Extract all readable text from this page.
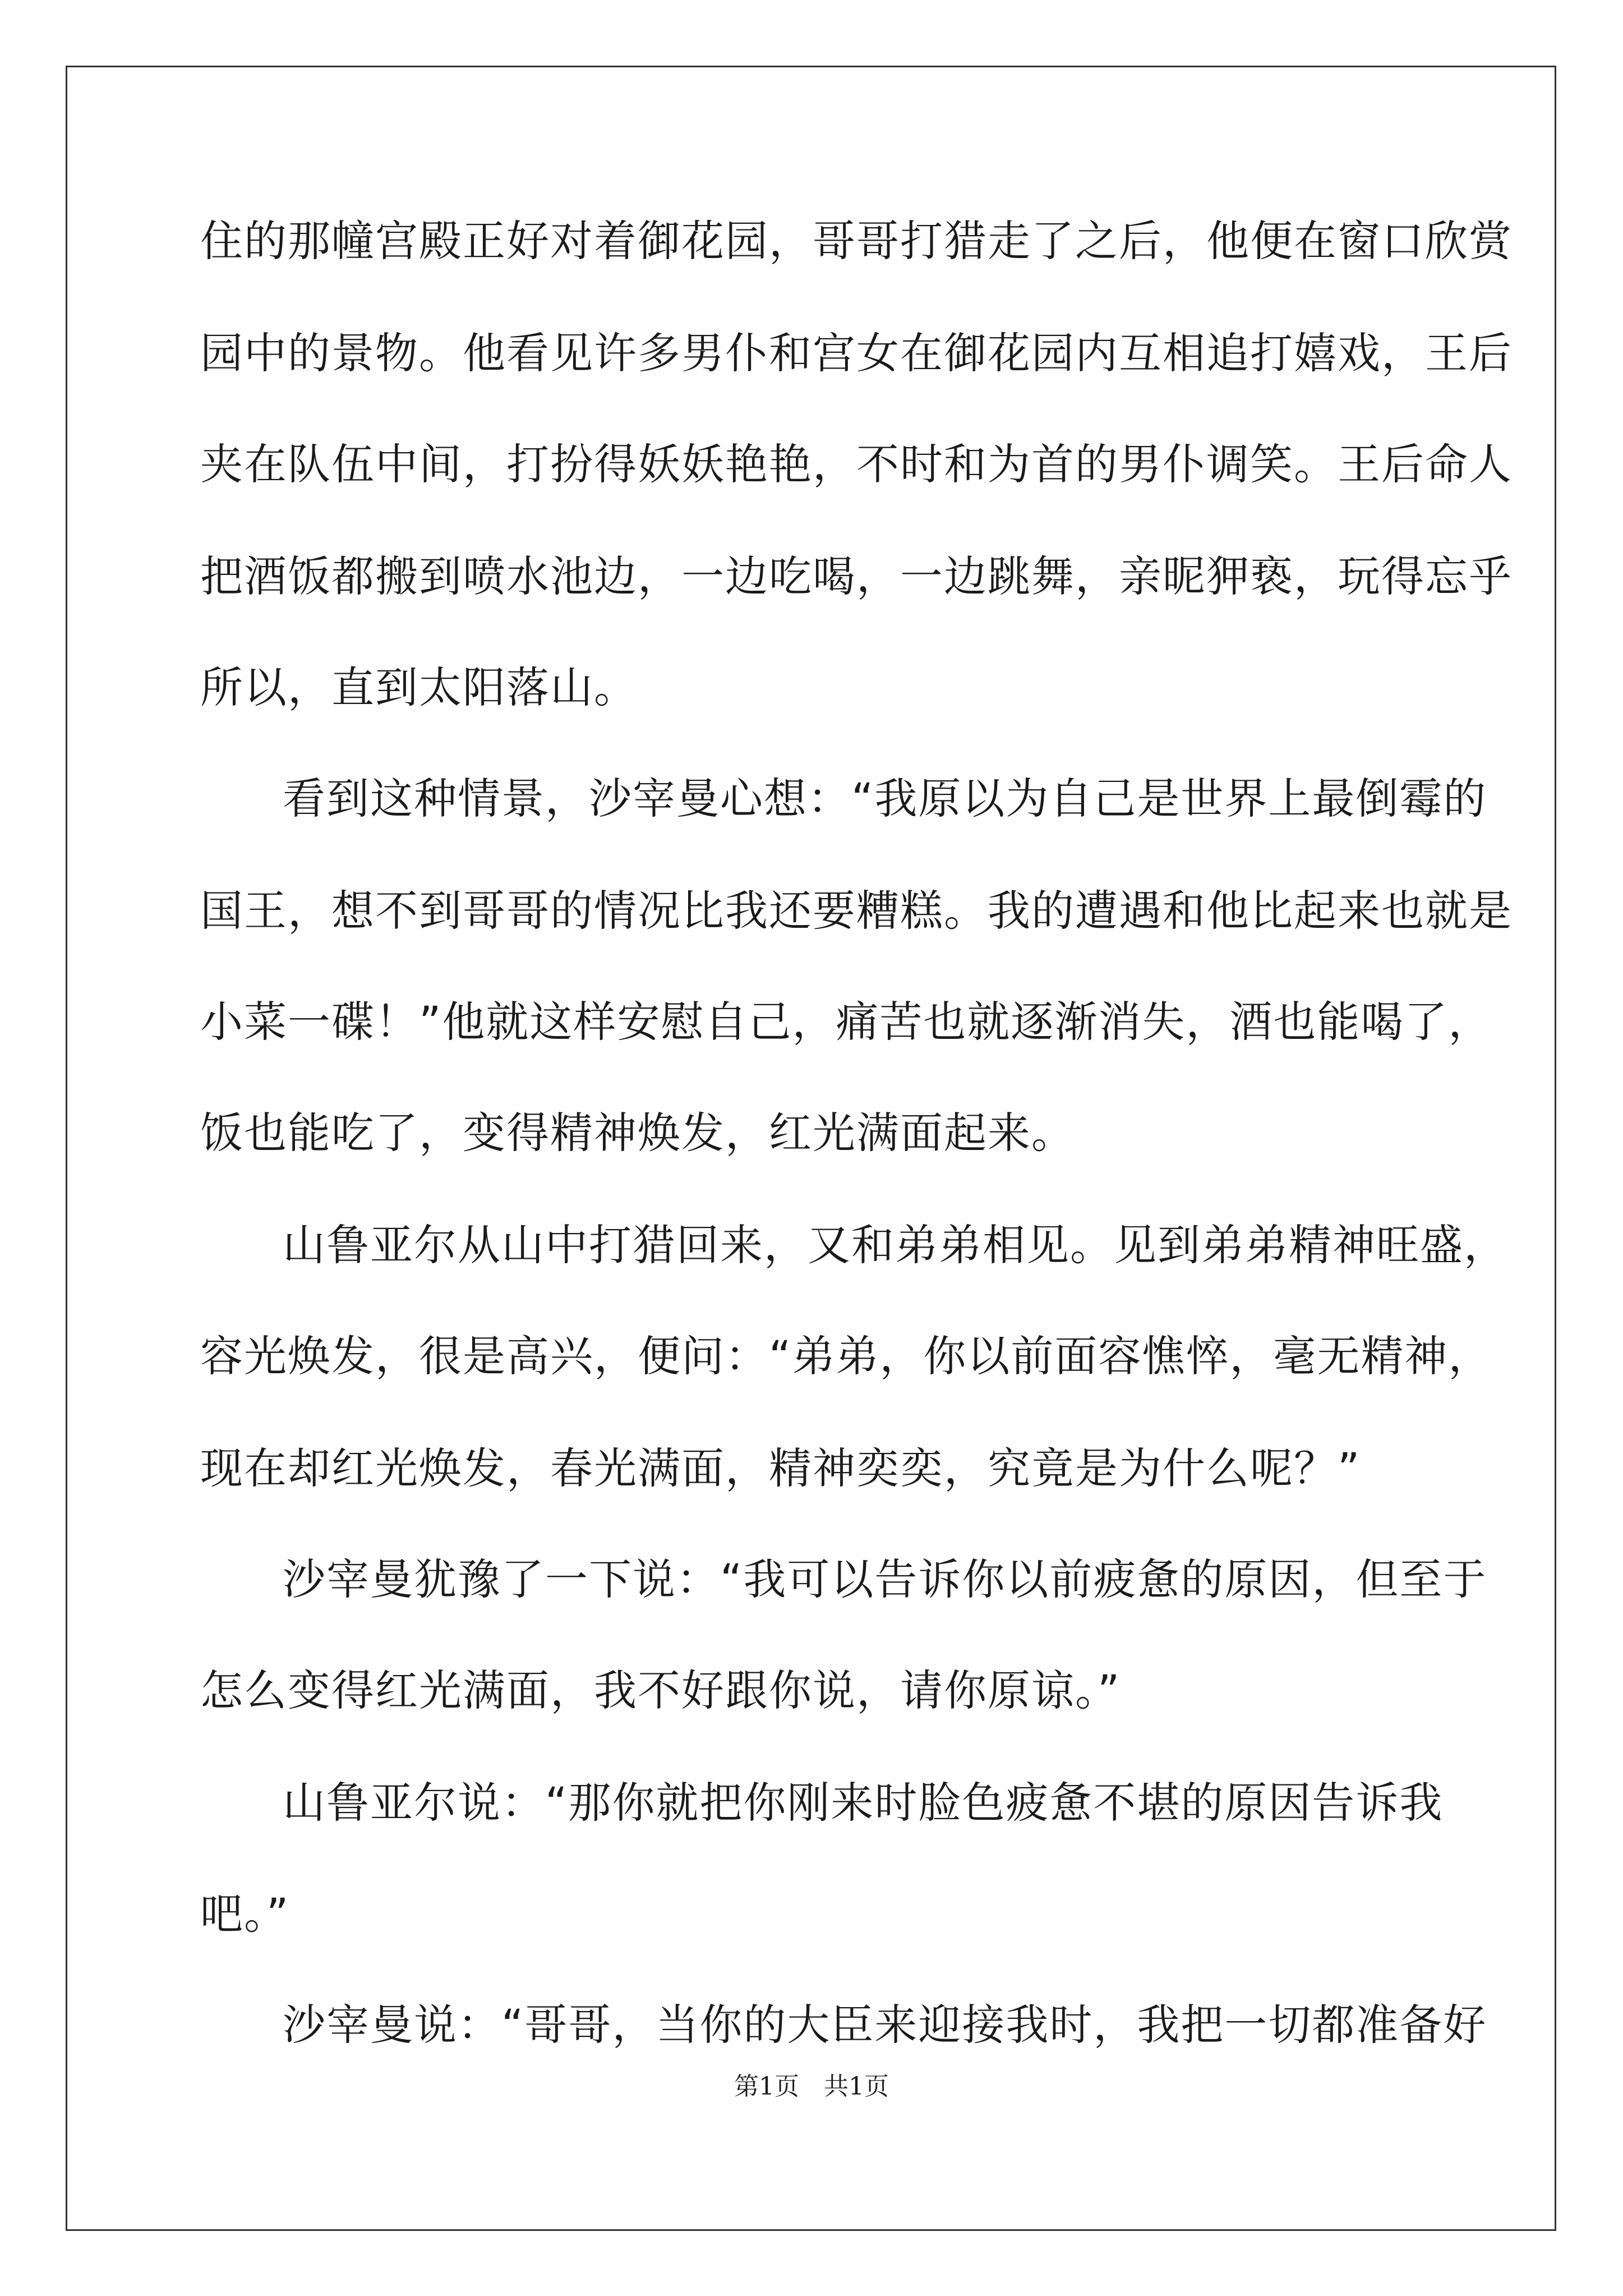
住的那幢宫殿正好对着御花园，哥哥打猎走了之后，他便在窗口欣赏
园中的景物。他看见许多男仆和宫女在御花园内互相追打嬉戏，王后
夹在队伍中间，打扮得妖妖艳艳，不时和为首的男仆调笑。王后命人
把酒饭都搬到喷水池边，一边吃喝，一边跳舞，亲昵狎亵，玩得忘乎
所以，直到太阳落山。
看到这种情景，沙宰曼心想：“我原以为自己是世界上最倒霉的
国王，想不到哥哥的情况比我还要糟糕。我的遭遇和他比起来也就是
小菜一碟！”他就这样安慰自己，痛苦也就逐渐消失，酒也能喝了，
饭也能吃了，变得精神焕发，红光满面起来。
山鲁亚尔从山中打猎回来，又和弟弟相见。见到弟弟精神旺盛，
容光焕发，很是高兴，便问：“弟弟，你以前面容憔悴，毫无精神，
现在却红光焕发，春光满面，精神奕奕，究竟是为什么呢？”
沙宰曼犹豫了一下说：“我可以告诉你以前疲惫的原因，但至于
怎么变得红光满面，我不好跟你说，请你原谅。”
山鲁亚尔说：“那你就把你刚来时脸色疲惫不堪的原因告诉我
吧。”
沙宰曼说：“哥哥，当你的大臣来迎接我时，我把一切都准备好
第1页　共1页
